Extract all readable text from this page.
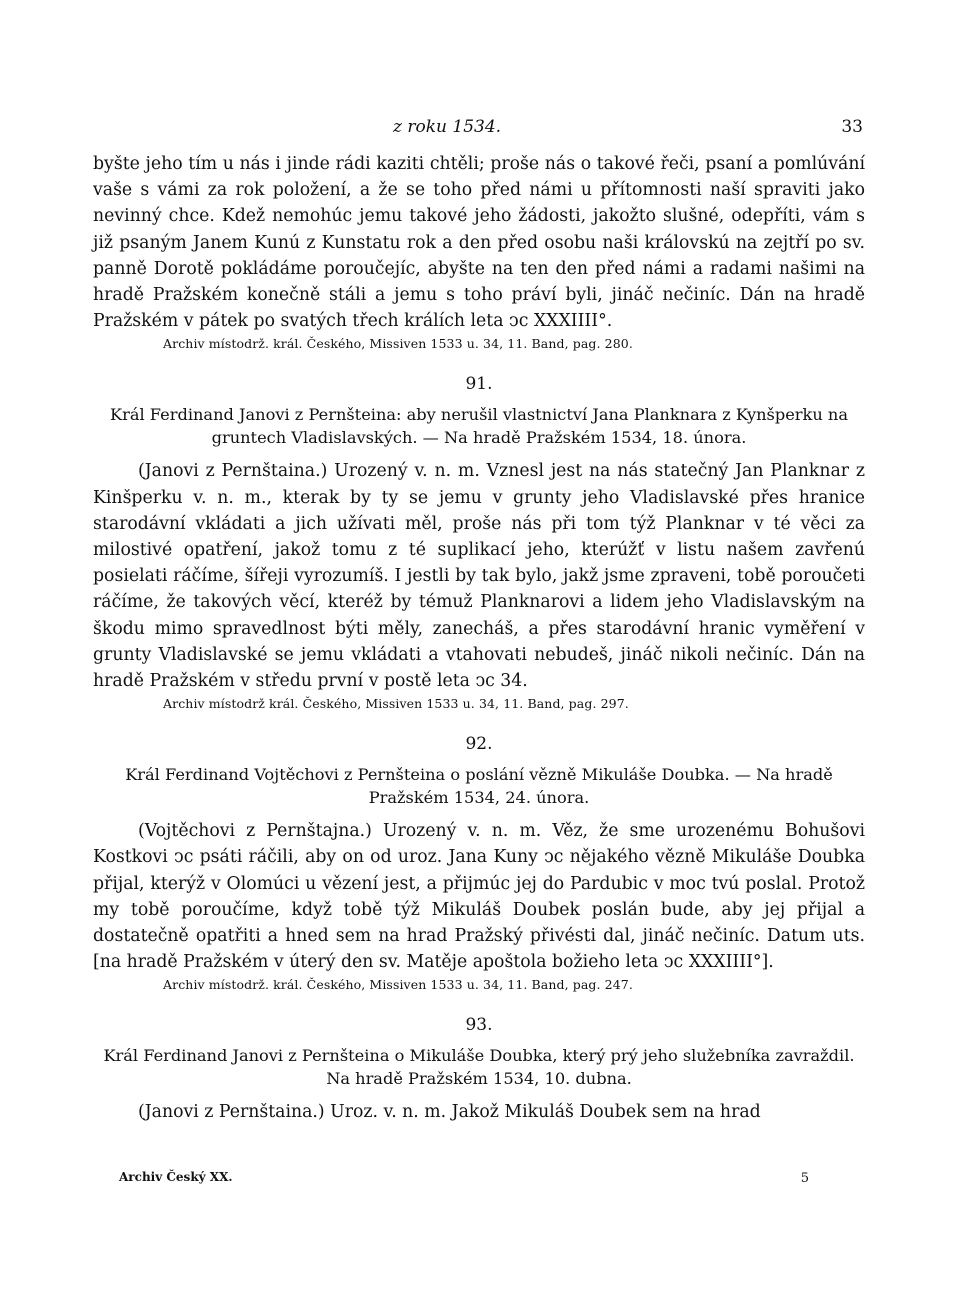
z roku 1534.	33

byšte jeho tím u nás i jinde rádi kaziti chtěli; proše nás o takové řeči, psaní a pomlúvání vaše s vámi za rok položení, a že se toho před námi u přítomnosti naší spraviti jako nevinný chce. Kdež nemohúc jemu takové jeho žádosti, jakožto slušné, odepříti, vám s již psaným Janem Kunú z Kunstatu rok a den před osobu naši královskú na zejtří po sv. panně Dorotě pokládáme poroučejíc, abyšte na ten den před námi a radami našimi na hradě Pražském konečně stáli a jemu s toho práví byli, jináč nečiníc. Dán na hradě Pražském v pátek po svatých třech králích leta ↄc XXXIIII°.

Archiv místodrž. král. Českého, Missiven 1533 u. 34, 11. Band, pag. 280.
91.
Král Ferdinand Janovi z Pernšteina: aby nerušil vlastnictví Jana Planknara z Kynšperku na gruntech Vladislavských. — Na hradě Pražském 1534, 18. února.

(Janovi z Pernštaina.) Urozený v. n. m. Vznesl jest na nás statečný Jan Planknar z Kinšperku v. n. m., kterak by ty se jemu v grunty jeho Vladislavské přes hranice starodávní vkládati a jich užívati měl, proše nás při tom týž Planknar v té věci za milostivé opatření, jakož tomu z té suplikací jeho, kterúžť v listu našem zavřenú posielati ráčíme, šířeji vyrozumíš. I jestli by tak bylo, jakž jsme zpraveni, tobě poroučeti ráčíme, že takových věcí, kteréž by témuž Planknarovi a lidem jeho Vladislavským na škodu mimo spravedlnost býti měly, zanecháš, a přes starodávní hranic vyměření v grunty Vladislavské se jemu vkládati a vtahovati nebudeš, jináč nikoli nečiníc. Dán na hradě Pražském v středu první v postě leta ↄc 34.

Archiv místodrž král. Českého, Missiven 1533 u. 34, 11. Band, pag. 297.
92.
Král Ferdinand Vojtěchovi z Pernšteina o poslání vězně Mikuláše Doubka. — Na hradě Pražském 1534, 24. února.

(Vojtěchovi z Pernštajna.) Urozený v. n. m. Věz, že sme urozenému Bohušovi Kostkovi ↄc psáti ráčili, aby on od uroz. Jana Kuny ↄc nějakého vězně Mikuláše Doubka přijal, kterýž v Olomúci u vězení jest, a přijmúc jej do Pardubic v moc tvú poslal. Protož my tobě poroučíme, když tobě týž Mikuláš Doubek poslán bude, aby jej přijal a dostatečně opatřiti a hned sem na hrad Pražský přivésti dal, jináč nečiníc. Datum uts. [na hradě Pražském v úterý den sv. Matěje apoštola božieho leta ↄc XXXIIII°].

Archiv místodrž. král. Českého, Missiven 1533 u. 34, 11. Band, pag. 247.
93.
Král Ferdinand Janovi z Pernšteina o Mikuláše Doubka, který prý jeho služebníka zavraždil. Na hradě Pražském 1534, 10. dubna.

(Janovi z Pernštaina.) Uroz. v. n. m. Jakož Mikuláš Doubek sem na hrad

Archiv Český XX.	5
